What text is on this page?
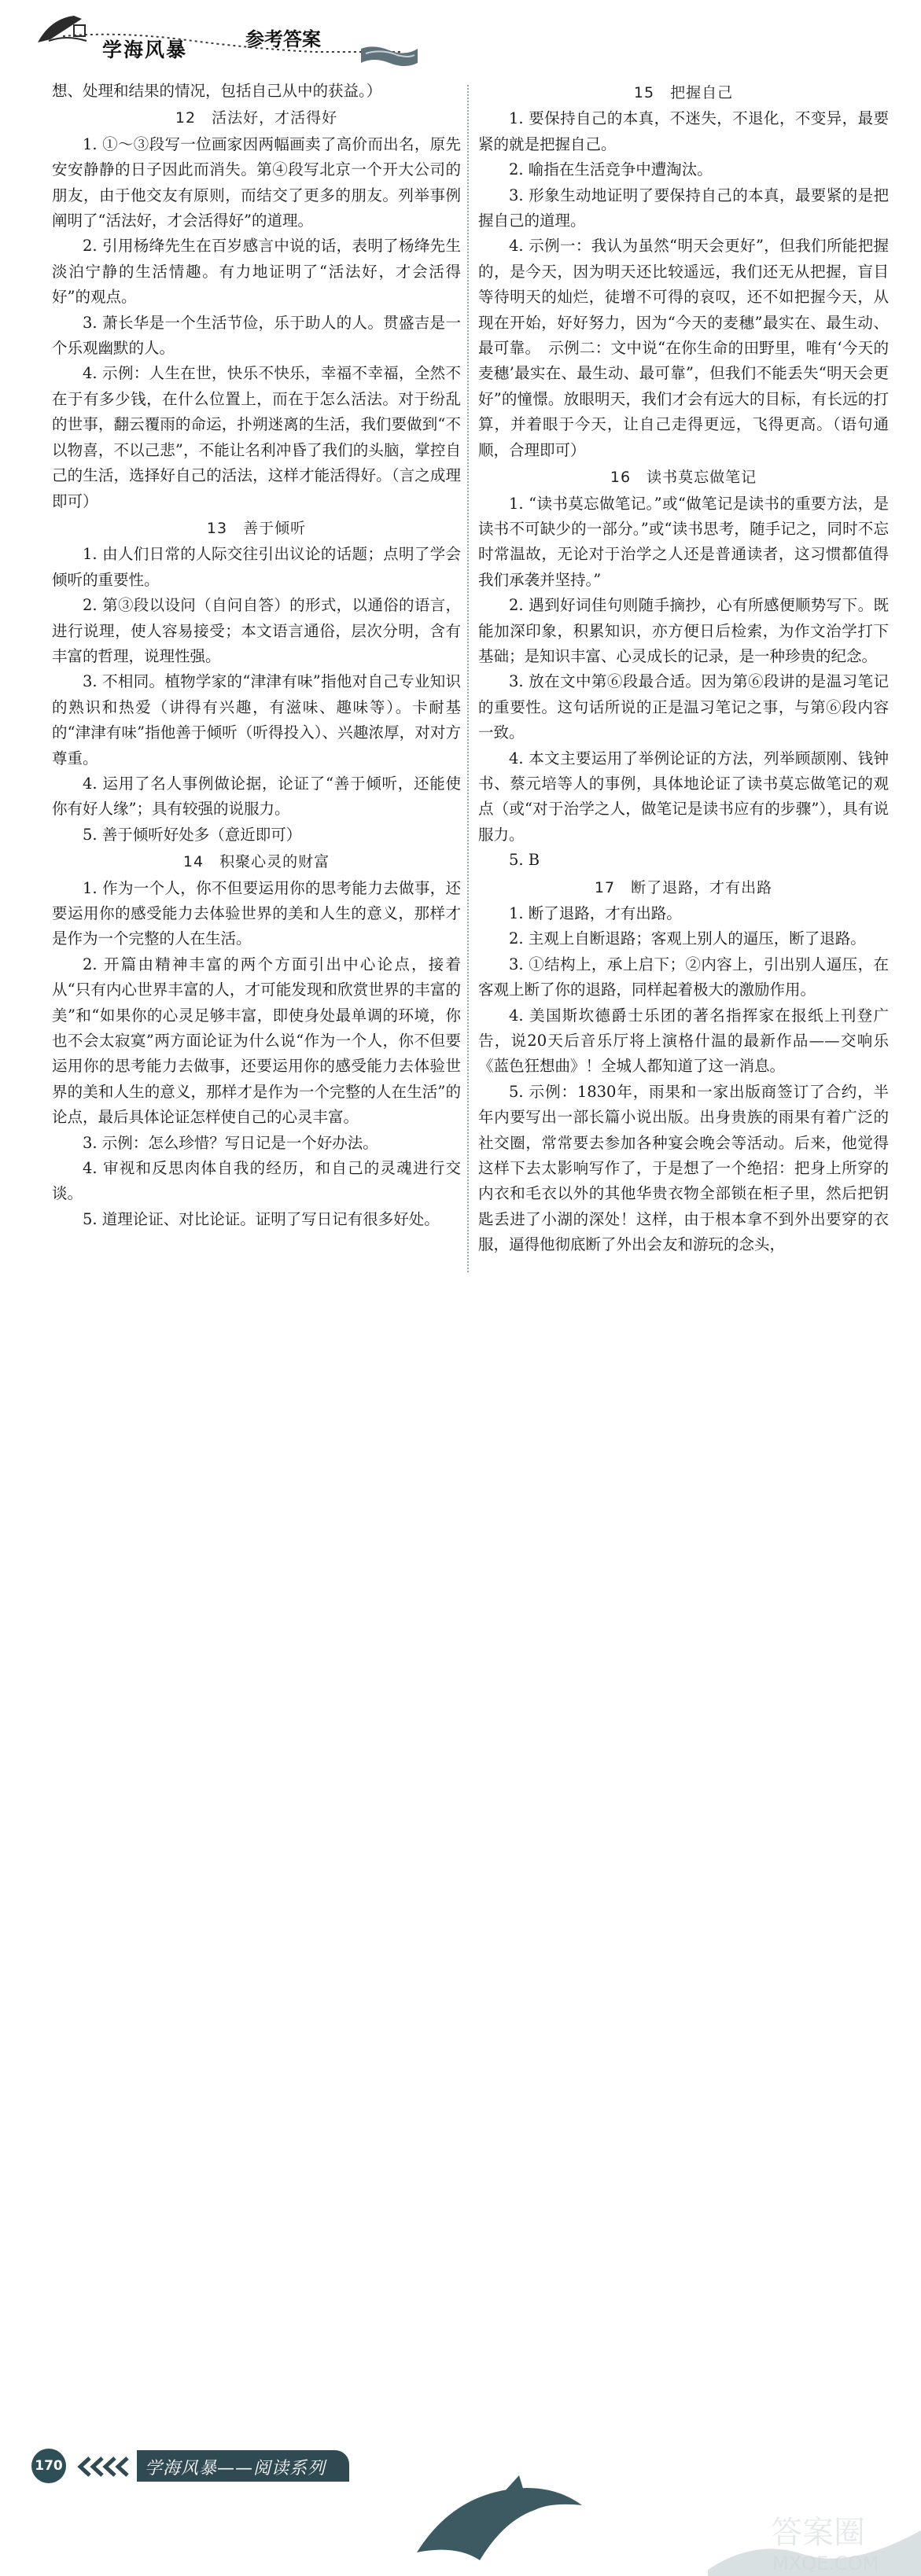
学海风暴	参考答案

想、处理和结果的情况，包括自己从中的获益。）

12　活法好，才活得好

1. ①～③段写一位画家因两幅画卖了高价而出名，原先安安静静的日子因此而消失。第④段写北京一个开大公司的朋友，由于他交友有原则，而结交了更多的朋友。列举事例阐明了“活法好，才会活得好”的道理。

2. 引用杨绛先生在百岁感言中说的话，表明了杨绛先生淡泊宁静的生活情趣。有力地证明了“活法好，才会活得好”的观点。

3. 萧长华是一个生活节俭，乐于助人的人。贯盛吉是一个乐观幽默的人。

4. 示例：人生在世，快乐不快乐，幸福不幸福，全然不在于有多少钱，在什么位置上，而在于怎么活法。对于纷乱的世事，翻云覆雨的命运，扑朔迷离的生活，我们要做到“不以物喜，不以己悲”，不能让名利冲昏了我们的头脑，掌控自己的生活，选择好自己的活法，这样才能活得好。（言之成理即可）

13　善于倾听

1. 由人们日常的人际交往引出议论的话题；点明了学会倾听的重要性。

2. 第③段以设问（自问自答）的形式，以通俗的语言，进行说理，使人容易接受；本文语言通俗，层次分明，含有丰富的哲理，说理性强。

3. 不相同。植物学家的“津津有味”指他对自己专业知识的熟识和热爱（讲得有兴趣，有滋味、趣味等）。卡耐基的“津津有味”指他善于倾听（听得投入）、兴趣浓厚，对对方尊重。

4. 运用了名人事例做论据，论证了“善于倾听，还能使你有好人缘”；具有较强的说服力。

5. 善于倾听好处多（意近即可）

14　积聚心灵的财富

1. 作为一个人，你不但要运用你的思考能力去做事，还要运用你的感受能力去体验世界的美和人生的意义，那样才是作为一个完整的人在生活。

2. 开篇由精神丰富的两个方面引出中心论点，接着从“只有内心世界丰富的人，才可能发现和欣赏世界的丰富的美”和“如果你的心灵足够丰富，即使身处最单调的环境，你也不会太寂寞”两方面论证为什么说“作为一个人，你不但要运用你的思考能力去做事，还要运用你的感受能力去体验世界的美和人生的意义，那样才是作为一个完整的人在生活”的论点，最后具体论证怎样使自己的心灵丰富。

3. 示例：怎么珍惜？写日记是一个好办法。

4. 审视和反思肉体自我的经历，和自己的灵魂进行交谈。

5. 道理论证、对比论证。证明了写日记有很多好处。

15　把握自己

1. 要保持自己的本真，不迷失，不退化，不变异，最要紧的就是把握自己。

2. 喻指在生活竞争中遭淘汰。

3. 形象生动地证明了要保持自己的本真，最要紧的是把握自己的道理。

4. 示例一：我认为虽然“明天会更好”，但我们所能把握的，是今天，因为明天还比较遥远，我们还无从把握，盲目等待明天的灿烂，徒增不可得的哀叹，还不如把握今天，从现在开始，好好努力，因为“今天的麦穗”最实在、最生动、最可靠。　示例二：文中说“在你生命的田野里，唯有‘今天的麦穗’最实在、最生动、最可靠”，但我们不能丢失“明天会更好”的憧憬。放眼明天，我们才会有远大的目标，有长远的打算，并着眼于今天，让自己走得更远，飞得更高。（语句通顺，合理即可）

16　读书莫忘做笔记

1. “读书莫忘做笔记。”或“做笔记是读书的重要方法，是读书不可缺少的一部分。”或“读书思考，随手记之，同时不忘时常温故，无论对于治学之人还是普通读者，这习惯都值得我们承袭并坚持。”

2. 遇到好词佳句则随手摘抄，心有所感便顺势写下。既能加深印象，积累知识，亦方便日后检索，为作文治学打下基础；是知识丰富、心灵成长的记录，是一种珍贵的纪念。

3. 放在文中第⑥段最合适。因为第⑥段讲的是温习笔记的重要性。这句话所说的正是温习笔记之事，与第⑥段内容一致。

4. 本文主要运用了举例论证的方法，列举顾颉刚、钱钟书、蔡元培等人的事例，具体地论证了读书莫忘做笔记的观点（或“对于治学之人，做笔记是读书应有的步骤”），具有说服力。

5. B

17　断了退路，才有出路

1. 断了退路，才有出路。

2. 主观上自断退路；客观上别人的逼压，断了退路。

3. ①结构上，承上启下；②内容上，引出别人逼压，在客观上断了你的退路，同样起着极大的激励作用。

4. 美国斯坎德爵士乐团的著名指挥家在报纸上刊登广告，说20天后音乐厅将上演格什温的最新作品——交响乐《蓝色狂想曲》！全城人都知道了这一消息。

5. 示例：1830年，雨果和一家出版商签订了合约，半年内要写出一部长篇小说出版。出身贵族的雨果有着广泛的社交圈，常常要去参加各种宴会晚会等活动。后来，他觉得这样下去太影响写作了，于是想了一个绝招：把身上所穿的内衣和毛衣以外的其他华贵衣物全部锁在柜子里，然后把钥匙丢进了小湖的深处！这样，由于根本拿不到外出要穿的衣服，逼得他彻底断了外出会友和游玩的念头，

答案圈
MXQE.COM
170	学海风暴——阅读系列
